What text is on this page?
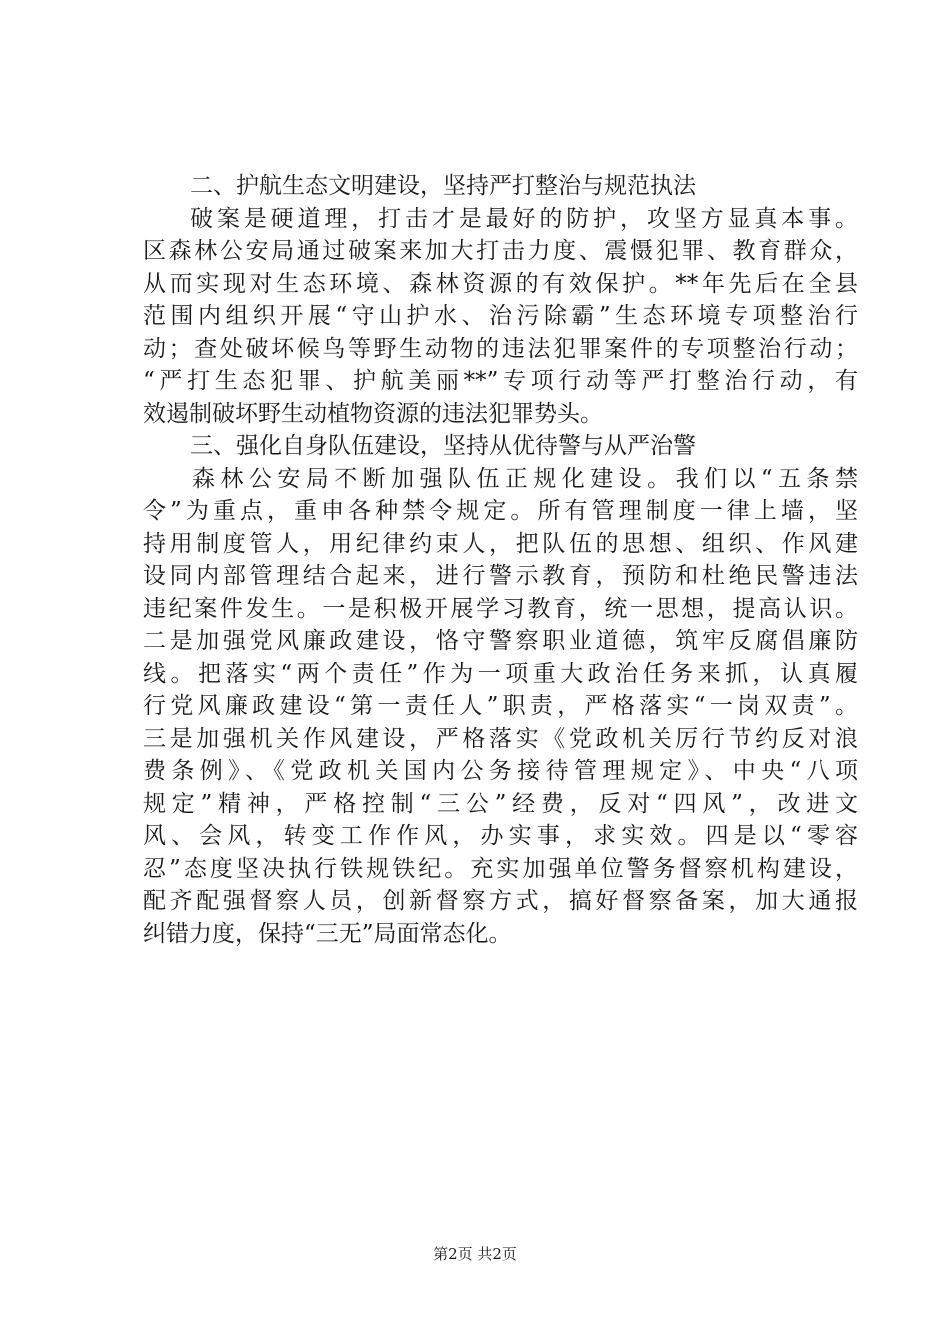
二、护航生态文明建设，坚持严打整治与规范执法
破案是硬道理，打击才是最好的防护，攻坚方显真本事。
区森林公安局通过破案来加大打击力度、震慑犯罪、教育群众，
从而实现对生态环境、森林资源的有效保护。**年先后在全县
范围内组织开展“守山护水、治污除霸”生态环境专项整治行
动；查处破坏候鸟等野生动物的违法犯罪案件的专项整治行动；
“严打生态犯罪、护航美丽**”专项行动等严打整治行动，有
效遏制破坏野生动植物资源的违法犯罪势头。
三、强化自身队伍建设，坚持从优待警与从严治警
森林公安局不断加强队伍正规化建设。我们以“五条禁
令”为重点，重申各种禁令规定。所有管理制度一律上墙，坚
持用制度管人，用纪律约束人，把队伍的思想、组织、作风建
设同内部管理结合起来，进行警示教育，预防和杜绝民警违法
违纪案件发生。一是积极开展学习教育，统一思想，提高认识。
二是加强党风廉政建设，恪守警察职业道德，筑牢反腐倡廉防
线。把落实“两个责任”作为一项重大政治任务来抓，认真履
行党风廉政建设“第一责任人”职责，严格落实“一岗双责”。
三是加强机关作风建设，严格落实《党政机关厉行节约反对浪
费条例》、《党政机关国内公务接待管理规定》、中央“八项
规定”精神，严格控制“三公”经费，反对“四风”，改进文
风、会风，转变工作作风，办实事，求实效。四是以“零容
忍”态度坚决执行铁规铁纪。充实加强单位警务督察机构建设，
配齐配强督察人员，创新督察方式，搞好督察备案，加大通报
纠错力度，保持“三无”局面常态化。
第2页 共2页
